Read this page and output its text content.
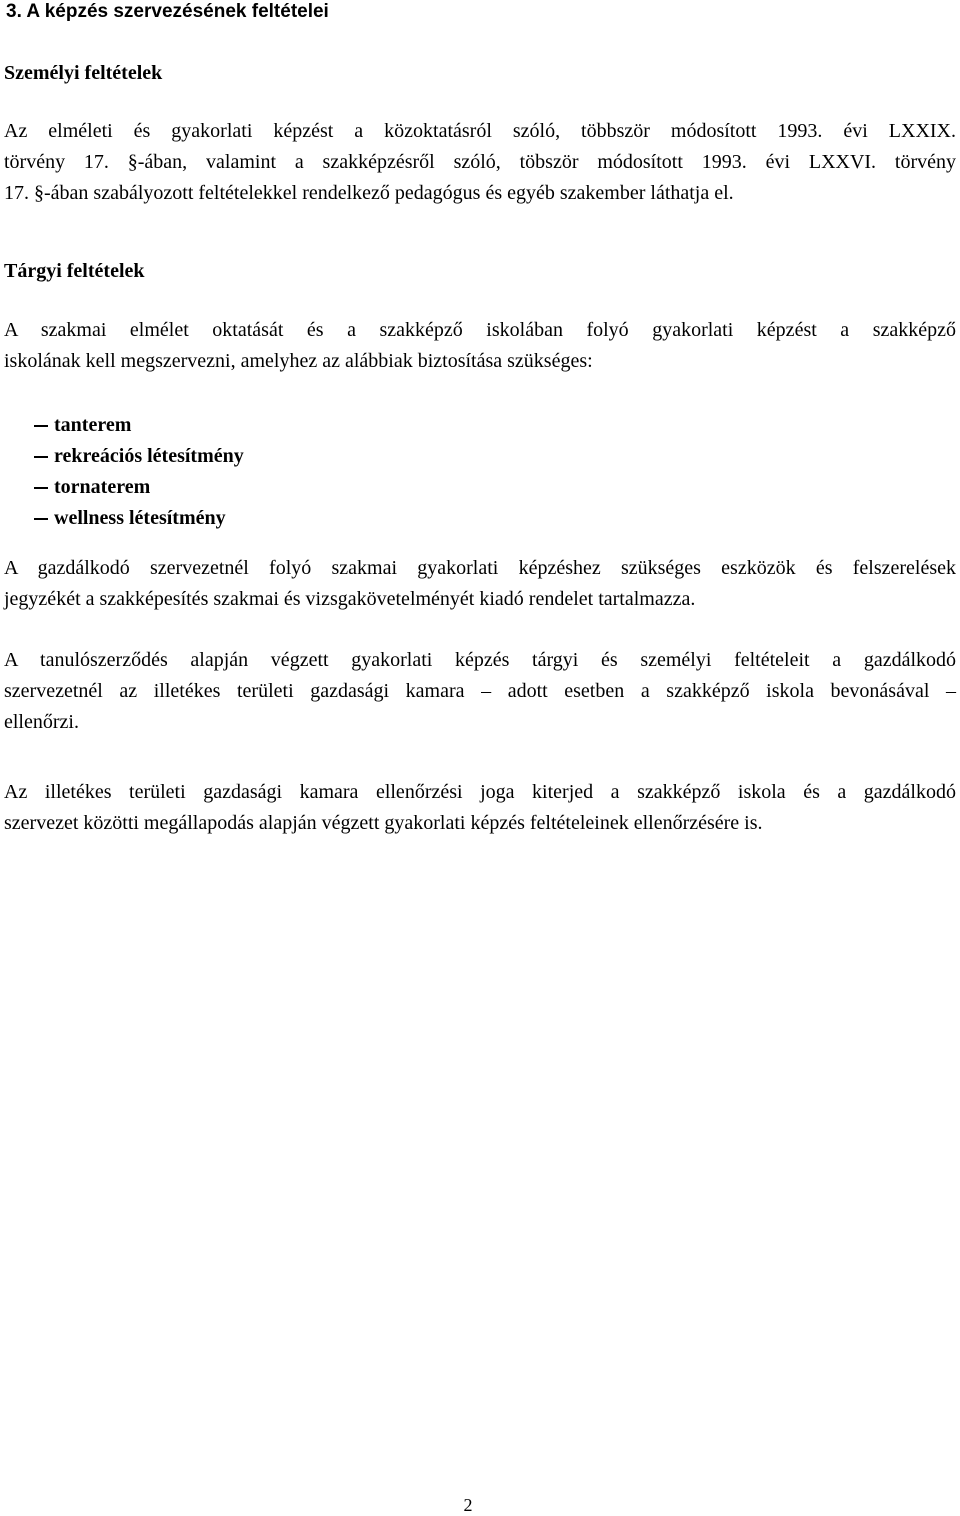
3. A képzés szervezésének feltételei
Személyi feltételek

Az elméleti és gyakorlati képzést a közoktatásról szóló, többször módosított 1993. évi LXXIX.
törvény 17. §-ában, valamint a szakképzésről szóló, töbször módosított 1993. évi LXXVI. törvény
17. §-ában szabályozott feltételekkel rendelkező pedagógus és egyéb szakember láthatja el.

Tárgyi feltételek

A szakmai elmélet oktatását és a szakképző iskolában folyó gyakorlati képzést a szakképző
iskolának kell megszervezni, amelyhez az alábbiak biztosítása szükséges:

tanterem
rekreációs létesítmény
tornaterem
wellness létesítmény

A gazdálkodó szervezetnél folyó szakmai gyakorlati képzéshez szükséges eszközök és felszerelések
jegyzékét a szakképesítés szakmai és vizsgakövetelményét kiadó rendelet tartalmazza.

A tanulószerződés alapján végzett gyakorlati képzés tárgyi és személyi feltételeit a gazdálkodó
szervezetnél az illetékes területi gazdasági kamara – adott esetben a szakképző iskola bevonásával –
ellenőrzi.

Az illetékes területi gazdasági kamara ellenőrzési joga kiterjed a szakképző iskola és a gazdálkodó
szervezet közötti megállapodás alapján végzett gyakorlati képzés feltételeinek ellenőrzésére is.

2
